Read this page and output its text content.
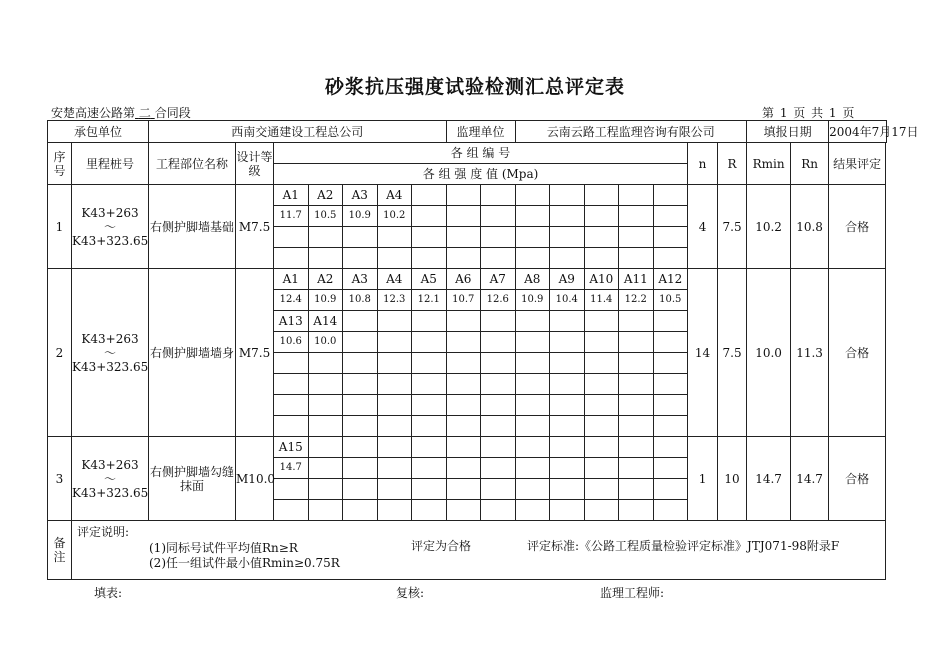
砂浆抗压强度试验检测汇总评定表
安楚高速公路第 二 合同段	第 1 页 共 1 页
承包单位		西南交通建设工程总公司							监理单位		云南云路工程监理咨询有限公司							填报日期		2004年7月17日
序号	里程桩号	工程部位名称	设计等级	各 组 编 号												n	R	Rmin	Rn	结果评定
				各 组 强 度 值 (Mpa)																
1	K43+263
～
K43+323.65	右侧护脚墙基础	M7.5	A1	A2	A3	A4									4	7.5	10.2	10.8	合格
				11.7	10.5	10.9	10.2													

2	K43+263
～
K43+323.65	右侧护脚墙墙身	M7.5	A1	A2	A3	A4	A5	A6	A7	A8	A9	A10	A11	A12	14	7.5	10.0	11.3	合格
				12.4	10.9	10.8	12.3	12.1	10.7	12.6	10.9	10.4	11.4	12.2	10.5					
				A13	A14															
				10.6	10.0															

3	K43+263
～
K43+323.65	右侧护脚墙勾缝抹面	M10.0	A15												1	10	14.7	14.7	合格
				14.7																

备注	评定说明:
(1)同标号试件平均值Rn≥R 评定为合格 评定标准:《公路工程质量检验评定标准》JTJ071-98附录F
(2)任一组试件最小值Rmin≥0.75R																			
填表:	复核:	监理工程师:
